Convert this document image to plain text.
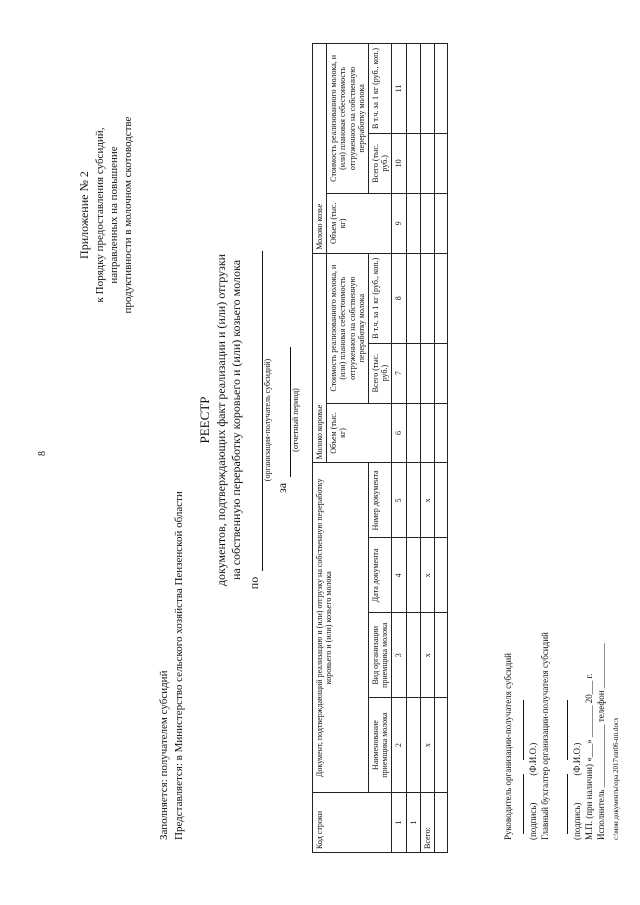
8
Приложение № 2 к Порядку предоставления субсидий, направленных на повышение продуктивности в молочном скотоводстве
Заполняется: получателем субсидий Представляется: в Министерство сельского хозяйства Пензенской области
РЕЕСТР документов, подтверждающих факт реализации и (или) отгрузки на собственную переработку коровьего и (или) козьего молока
по
(организация-получатель субсидий)
за
(отчетный период)
Код строки	Документ, подтверждающий реализацию и (или) отгрузку на собственную переработку коровьего и (или) козьего молока				Молоко коровье			Молоко козье		

					Объем (тыс. кг)	Стоимость реализованного молока, и (или) плановая себестоимость отгруженного на собственную переработку молока		Объем (тыс. кг)	Стоимость реализованного молока, и (или) плановая себестоимость отгруженного на собственную переработку молока	
	Наименование приемщика молока	Вид организации приемщика молока	Дата документа	Номер документа		Всего (тыс. руб.)	В т.ч. за 1 кг (руб., коп.)		Всего (тыс. руб.)	В т.ч. за 1 кг (руб., коп.)
1	2	3	4	5	6	7	8	9	10	11
1										
Всего:	х	х	х	х						

Руководитель организации-получателя субсидий
(подпись)            (Ф.И.О.) Главный бухгалтер организации-получателя субсидий
(подпись)            (Ф.И.О.) М.П. (при наличии) «___» _______ 20___ г. Исполнитель ______________ телефон __________ c:\мои документы\ора 2017\пп06-пп.docx
